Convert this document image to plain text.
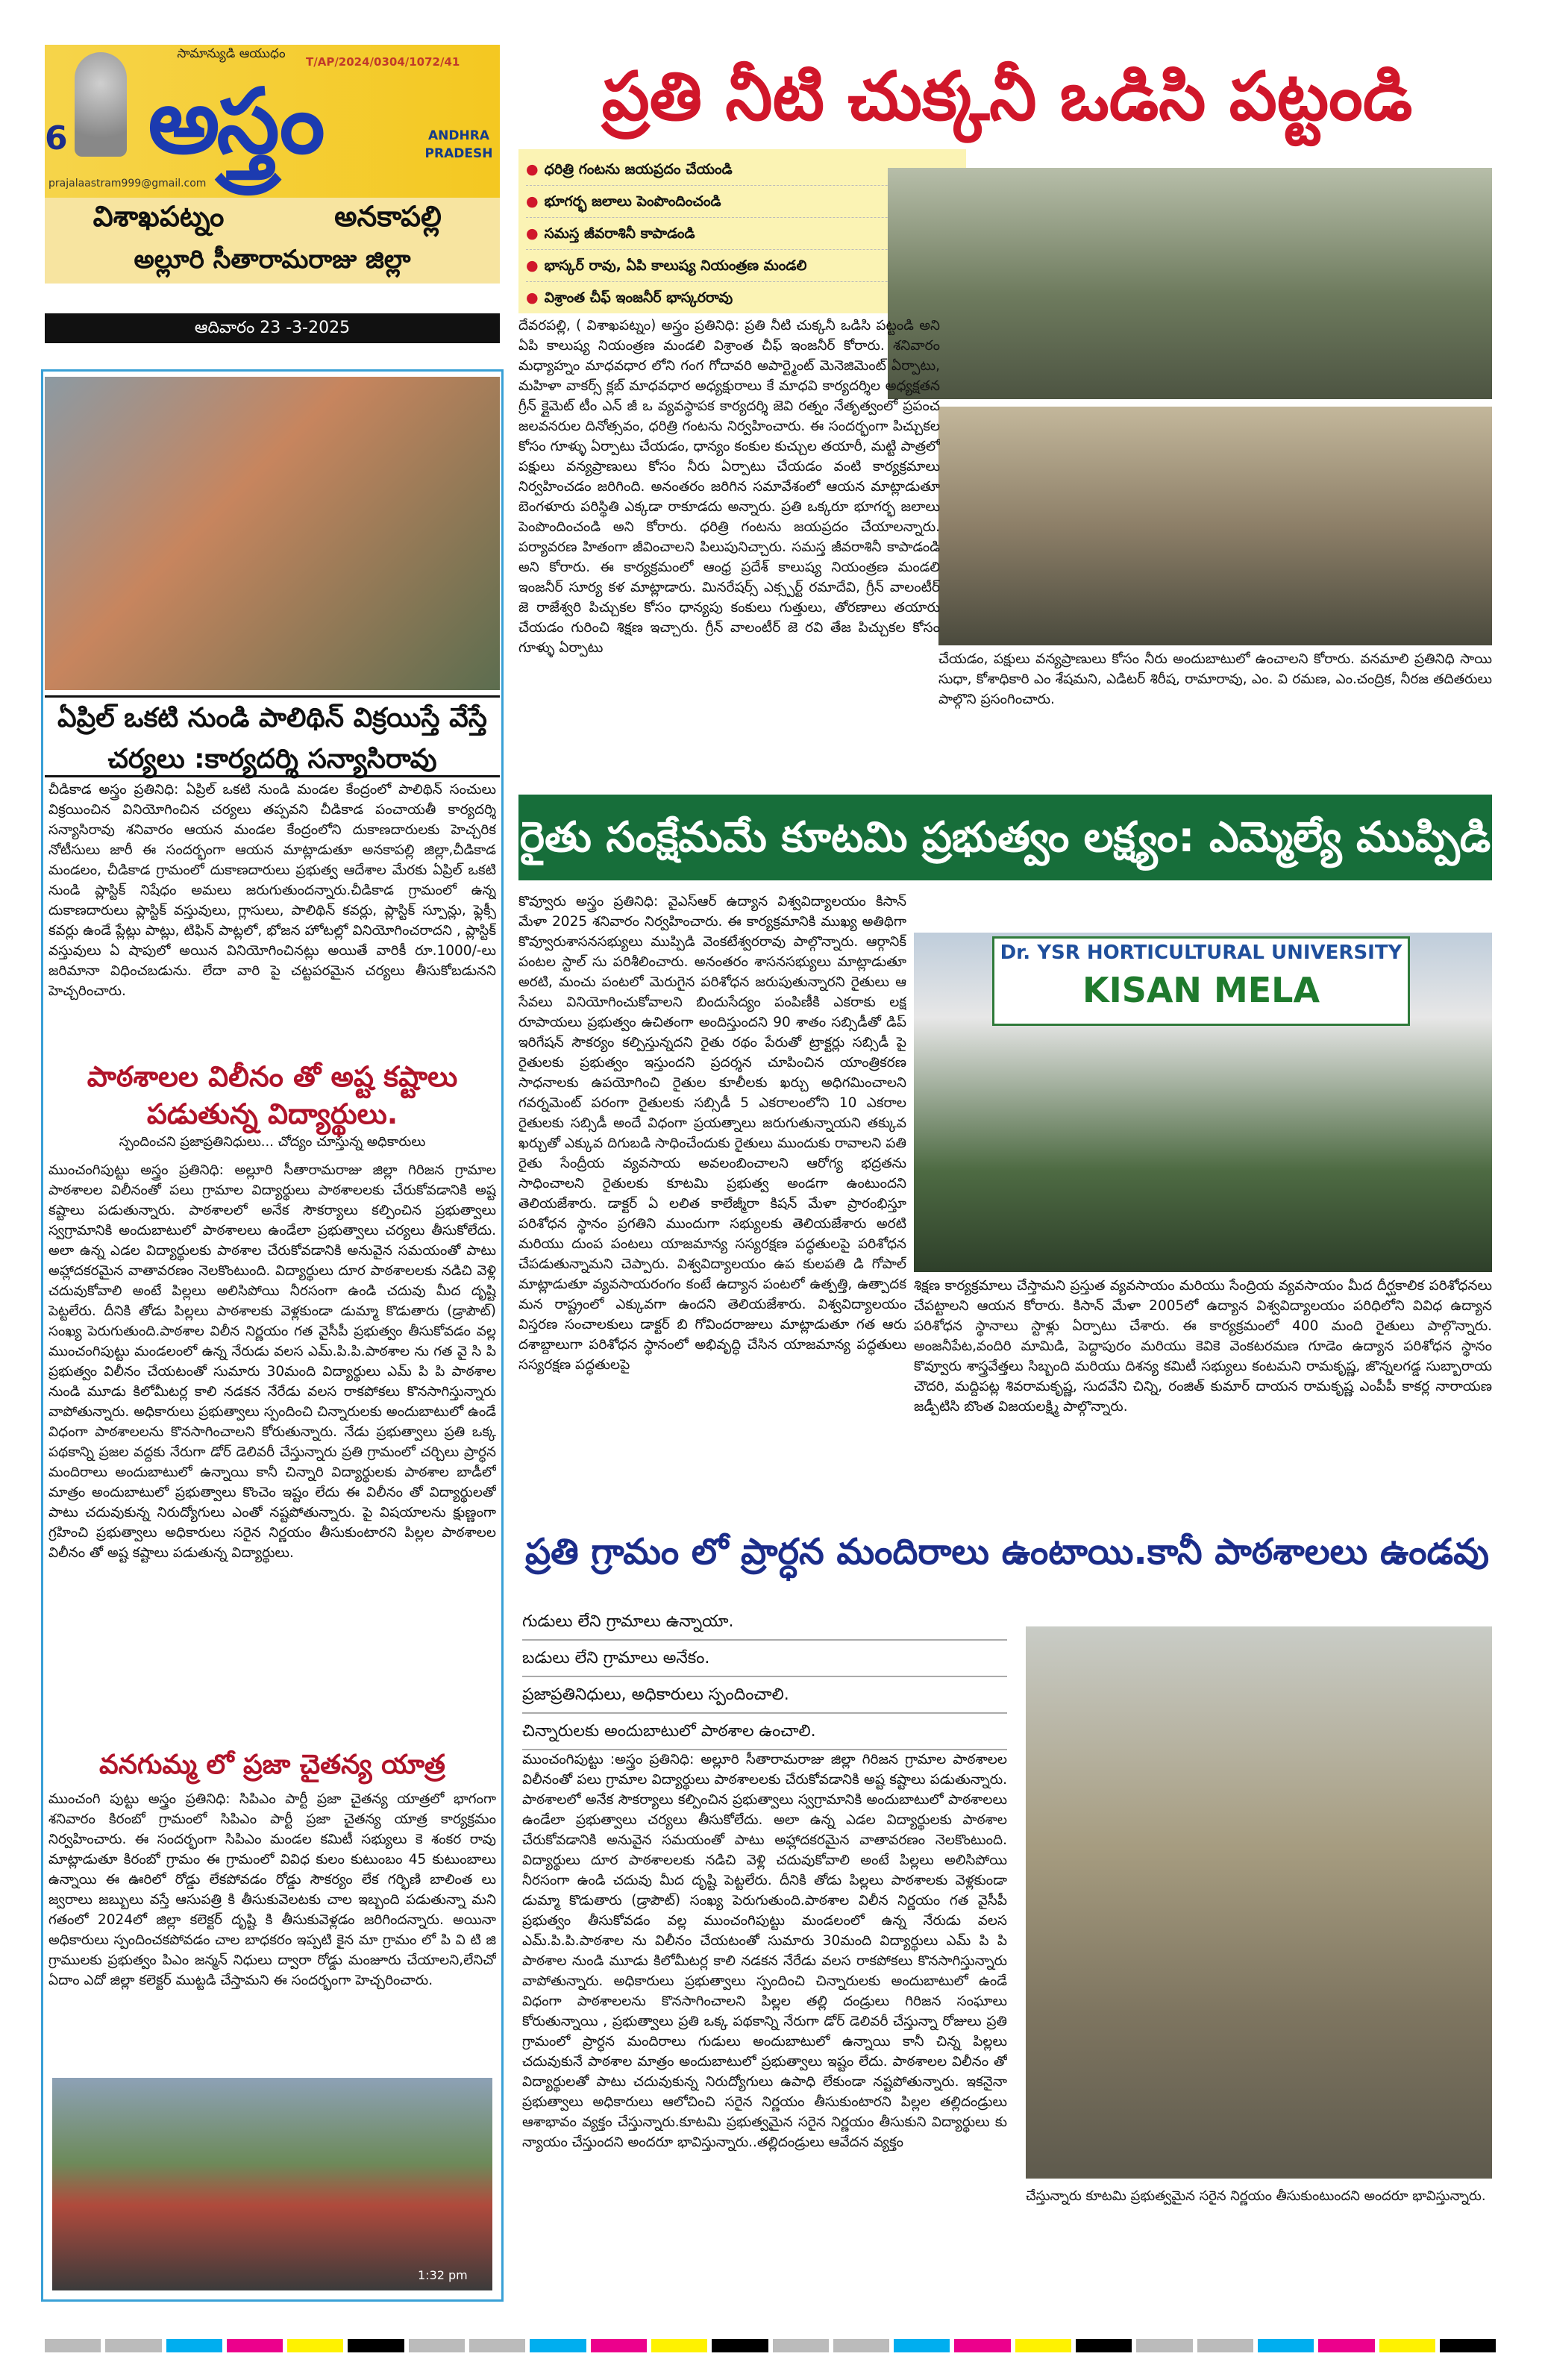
సామాన్యుడి ఆయుధం
T/AP/2024/0304/1072/41
అస్త్రం
6	ANDHRA PRADESH
prajalaastram999@gmail.com
విశాఖపట్నం	అనకాపల్లి
అల్లూరి సీతారామరాజు జిల్లా
ఆదివారం 23 -3-2025
ప్రతి నీటి చుక్కనీ ఒడిసి పట్టండి
● ధరిత్రి గంటను జయప్రదం చేయండి
● భూగర్భ జలాలు పెంపొందించండి
● సమస్త జీవరాశినీ కాపాడండి
● భాస్కర్ రావు, ఏపి కాలుష్య నియంత్రణ మండలి
● విశ్రాంత చీఫ్ ఇంజనీర్ భాస్కరరావు
దేవరపల్లి, ( విశాఖపట్నం) అస్త్రం ప్రతినిధి: ప్రతి నీటి చుక్కనీ ఒడిసి పట్టండి అని ఏపి కాలుష్య నియంత్రణ మండలి విశ్రాంత చీఫ్ ఇంజనీర్ కోరారు. శనివారం మధ్యాహ్నం మాధవధార లోని గంగ గోదావరి అపార్ట్మెంట్ మెనెజిమెంట్ ఏర్పాటు, మహిళా వాకర్స్ క్లబ్ మాధవధార అధ్యక్షురాలు కే మాధవి కార్యదర్శిల అధ్యక్షతన గ్రీన్ క్లైమెట్ టీం ఎన్ జీ ఒ వ్యవస్థాపక కార్యదర్శి జెవి రత్నం నేతృత్వంలో ప్రపంచ జలవనరుల దినోత్సవం, ధరిత్రి గంటను నిర్వహించారు. ఈ సందర్భంగా పిచ్చుకల కోసం గూళ్ళు ఏర్పాటు చేయడం, ధాన్యం కంకుల కుచ్చుల తయారీ, మట్టి పాత్రలో పక్షులు వన్యప్రాణులు కోసం నీరు ఏర్పాటు చేయడం వంటి కార్యక్రమాలు నిర్వహించడం జరిగింది. అనంతరం జరిగిన సమావేశంలో ఆయన మాట్లాడుతూ బెంగళూరు పరిస్థితి ఎక్కడా రాకూడదు అన్నారు. ప్రతి ఒక్కరూ భూగర్భ జలాలు పెంపొందించండి అని కోరారు. ధరిత్రి గంటను జయప్రదం చేయాలన్నారు. పర్యావరణ హితంగా జీవించాలని పిలుపునిచ్చారు. సమస్త జీవరాశినీ కాపాడండి అని కోరారు. ఈ కార్యక్రమంలో ఆంధ్ర ప్రదేశ్ కాలుష్య నియంత్రణ మండలి ఇంజనీర్ సూర్య కళ మాట్లాడారు. మినరేషర్స్ ఎక్స్పర్ట్ రమాదేవి, గ్రీన్ వాలంటీర్ జె రాజేశ్వరి పిచ్చుకల కోసం ధాన్యపు కంకులు గుత్తులు, తోరణాలు తయారు చేయడం గురించి శిక్షణ ఇచ్చారు. గ్రీన్ వాలంటీర్ జె రవి తేజ పిచ్చుకల కోసం గూళ్ళు ఏర్పాటు
చేయడం, పక్షులు వన్యప్రాణులు కోసం నీరు అందుబాటులో ఉంచాలని కోరారు. వనమాలి ప్రతినిధి సాయి సుధా, కోశాధికారి ఎం శేషమని, ఎడిటర్ శిరీష, రామారావు, ఎం. వి రమణ, ఎం.చంద్రిక, నీరజ తదితరులు పాల్గొని ప్రసంగించారు.
ఏప్రిల్ ఒకటి నుండి పాలిథిన్ విక్రయిస్తే వేస్తే చర్యలు :కార్యదర్శి సన్యాసిరావు
చీడికాడ అస్త్రం ప్రతినిధి: ఏప్రిల్ ఒకటి నుండి మండల కేంద్రంలో పాలిథిన్ సంచులు విక్రయించిన వినియోగించిన చర్యలు తప్పవని చీడికాడ పంచాయతీ కార్యదర్శి సన్యాసిరావు శనివారం ఆయన మండల కేంద్రంలోని దుకాణదారులకు హెచ్చరిక నోటీసులు జారీ ఈ సందర్భంగా ఆయన మాట్లాడుతూ అనకాపల్లి జిల్లా,చీడికాడ మండలం, చీడికాడ గ్రామంలో దుకాణదారులు ప్రభుత్వ ఆదేశాల మేరకు ఏప్రిల్ ఒకటి నుండి ప్లాస్టిక్ నిషేధం అమలు జరుగుతుందన్నారు.చీడికాడ గ్రామంలో ఉన్న దుకాణదారులు ప్లాస్టిక్ వస్తువులు, గ్లాసులు, పాలిథిన్ కవర్లు, ప్లాస్టిక్ స్పూన్లు, ఫ్లెక్సీ కవర్లు ఉండే ప్లేట్లు పాట్లు, టిఫిన్ పాట్లలో, భోజన హోటల్లో వినియోగించరాదని , ప్లాస్టిక్ వస్తువులు ఏ షాపులో అయిన వినియోగించినట్లు అయితే వారికీ రూ.1000/-లు జరిమానా విధించబడును. లేదా వారి పై చట్టపరమైన చర్యలు తీసుకోబడునని హెచ్చరించారు.
పాఠశాలల విలీనం తో అష్ట కష్టాలు పడుతున్న విద్యార్థులు.
స్పందించని ప్రజాప్రతినిధులు... చోద్యం చూస్తున్న అధికారులు
ముంచంగిపుట్టు అస్త్రం ప్రతినిధి: అల్లూరి సీతారామరాజు జిల్లా గిరిజన గ్రామాల పాఠశాలల విలీనంతో పలు గ్రామాల విద్యార్థులు పాఠశాలలకు చేరుకోవడానికి అష్ట కష్టాలు పడుతున్నారు. పాఠశాలలో అనేక సౌకర్యాలు కల్పించిన ప్రభుత్వాలు స్వగ్రామానికి అందుబాటులో పాఠశాలలు ఉండేలా ప్రభుత్వాలు చర్యలు తీసుకోలేదు. అలా ఉన్న ఎడల విద్యార్థులకు పాఠశాల చేరుకోవడానికి అనువైన సమయంతో పాటు అహ్లాదకరమైన వాతావరణం నెలకొంటుంది. విద్యార్థులు దూర పాఠశాలలకు నడిచి వెళ్లి చదువుకోవాలి అంటే పిల్లలు అలిసిపోయి నీరసంగా ఉండి చదువు మీద దృష్టి పెట్టలేరు. దీనికి తోడు పిల్లలు పాఠశాలకు వెళ్లకుండా డుమ్మా కొడుతారు (డ్రాపౌట్) సంఖ్య పెరుగుతుంది.పాఠశాల విలీన నిర్ణయం గత వైసీపీ ప్రభుత్వం తీసుకోవడం వల్ల ముంచంగిపుట్టు మండలంలో ఉన్న నేరుడు వలస ఎమ్.పి.పి.పాఠశాల ను గత వై సి పి ప్రభుత్వం విలీనం చేయటంతో సుమారు 30మంది విద్యార్థులు ఎమ్ పి పి పాఠశాల నుండి మూడు కిలోమీటర్ల కాలి నడకన నేరేడు వలస రాకపోకలు కొనసాగిస్తున్నారు వాపోతున్నారు. అధికారులు ప్రభుత్వాలు స్పందించి చిన్నారులకు అందుబాటులో ఉండే విధంగా పాఠశాలలను కొనసాగించాలని కోరుతున్నారు. నేడు ప్రభుత్వాలు ప్రతి ఒక్క పథకాన్ని ప్రజల వద్దకు నేరుగా డోర్ డెలివరీ చేస్తున్నారు ప్రతి గ్రామంలో చర్చిలు ప్రార్ధన మందిరాలు అందుబాటులో ఉన్నాయి కానీ చిన్నారి విద్యార్థులకు పాఠశాల బాడీలో మాత్రం అందుబాటులో ప్రభుత్వాలు కొంచెం ఇష్టం లేదు ఈ విలీనం తో విద్యార్థులతో పాటు చదువుకున్న నిరుద్యోగులు ఎంతో నష్టపోతున్నారు. పై విషయాలను క్షుణ్ణంగా గ్రహించి ప్రభుత్వాలు అధికారులు సరైన నిర్ణయం తీసుకుంటారని పిల్లల పాఠశాలల విలీనం తో అష్ట కష్టాలు పడుతున్న విద్యార్థులు.
వనగుమ్మ లో ప్రజా చైతన్య యాత్ర
ముంచంగి పుట్టు అస్త్రం ప్రతినిధి: సిపిఎం పార్టీ ప్రజా చైతన్య యాత్రలో భాగంగా శనివారం కిరంబో గ్రామంలో సిపిఎం పార్టీ ప్రజా చైతన్య యాత్ర కార్యక్రమం నిర్వహించారు. ఈ సందర్భంగా సిపిఎం మండల కమిటీ సభ్యులు కె శంకర రావు మాట్లాడుతూ కిరంబో గ్రామం ఈ గ్రామంలో వివిధ కులం కుటుంబం 45 కుటుంబాలు ఉన్నాయి ఈ ఊరిలో రోడ్డు లేకపోవడం రోడ్డు సౌకర్యం లేక గర్భిణి బాలింత లు జ్వరాలు జబ్బులు వస్తే ఆసుపత్రి కి తీసుకువెలటకు చాల ఇబ్బంది పడుతున్నా మని గతంలో 2024లో జిల్లా కలెక్టర్ దృష్టి కి తీసుకువెళ్లడం జరిగిందన్నారు. అయినా అధికారులు స్పందించకపోవడం చాల బాధకరం ఇప్పటి కైన మా గ్రామం లో పి వి టి జి గ్రాములకు ప్రభుత్వం పిఎం జన్మన్ నిధులు ద్వారా రోడ్డు మంజూరు చేయాలని,లేనిచో ఏదాం ఎదో జిల్లా కలెక్టర్ ముట్టడి చేస్తామని ఈ సందర్భంగా హెచ్చరించారు.
1:32 pm
రైతు సంక్షేమమే కూటమి ప్రభుత్వం లక్ష్యం: ఎమ్మెల్యే ముప్పిడి
కొవ్వూరు అస్త్రం ప్రతినిధి: వైఎస్ఆర్ ఉద్యాన విశ్వవిద్యాలయం కిసాన్ మేళా 2025 శనివారం నిర్వహించారు. ఈ కార్యక్రమానికి ముఖ్య అతిథిగా కొవ్వూరుశాసనసభ్యులు ముప్పిడి వెంకటేశ్వరరావు పాల్గొన్నారు. ఆర్గానిక్ పంటల స్టాల్ సు పరిశీలించారు. అనంతరం శాసనసభ్యులు మాట్లాడుతూ అరటి, మంచు పంటలో మెరుగైన పరిశోధన జరుపుతున్నారని రైతులు ఆ సేవలు వినియోగించుకోవాలని బిందుసేద్యం పంపిణీకి ఎకరాకు లక్ష రూపాయలు ప్రభుత్వం ఉచితంగా అందిస్తుందని 90 శాతం సబ్సిడీతో డిప్ ఇరిగేషన్ సౌకర్యం కల్పిస్తున్నదని రైతు రథం పేరుతో ట్రాక్టర్లు సబ్సిడీ పై రైతులకు ప్రభుత్వం ఇస్తుందని ప్రదర్శన చూపించిన యాంత్రికరణ సాధనాలకు ఉపయోగించి రైతుల కూలీలకు ఖర్చు అధిగమించాలని గవర్నమెంట్ పరంగా రైతులకు సబ్సిడీ 5 ఎకరాలంలోని 10 ఎకరాల రైతులకు సబ్సిడీ అందే విధంగా ప్రయత్నాలు జరుగుతున్నాయని తక్కువ ఖర్చుతో ఎక్కువ దిగుబడి సాధించేందుకు రైతులు ముందుకు రావాలని పతి రైతు సేంద్రీయ వ్యవసాయ అవలంబించాలని ఆరోగ్య భద్రతను సాధించాలని రైతులకు కూటమి ప్రభుత్వ అండగా ఉంటుందని తెలియజేశారు. డాక్టర్ ఏ లలిత కాలేజ్మీరా కిషన్ మేళా ప్రారంభిస్తూ పరిశోధన స్థానం ప్రగతిని ముందుగా సభ్యులకు తెలియజేశారు అరటి మరియు దుంప పంటలు యాజమాన్య సస్యరక్షణ పద్ధతులపై పరిశోధన చేపడుతున్నామని చెప్పారు. విశ్వవిద్యాలయం ఉప కులపతి డి గోపాల్ మాట్లాడుతూ వ్యవసాయరంగం కంటే ఉద్యాన పంటలో ఉత్పత్తి, ఉత్పాదక మన రాష్ట్రంలో ఎక్కువగా ఉందని తెలియజేశారు. విశ్వవిద్యాలయం విస్తరణ సంచాలకులు డాక్టర్ బి గోవిందరాజులు మాట్లాడుతూ గత ఆరు దశాబ్దాలుగా పరిశోధన స్థానంలో అభివృద్ధి చేసిన యాజమాన్య పద్ధతులు సస్యరక్షణ పద్ధతులపై
Dr. YSR HORTICULTURAL UNIVERSITY
KISAN MELA
శిక్షణ కార్యక్రమాలు చేస్తామని ప్రస్తుత వ్యవసాయం మరియు సేంద్రియ వ్యవసాయం మీద దీర్ఘకాలిక పరిశోధనలు చేపట్టాలని ఆయన కోరారు. కిసాన్ మేళా 2005లో ఉద్యాన విశ్వవిద్యాలయం పరిధిలోని వివిధ ఉద్యాన పరిశోధన స్థానాలు స్టాళ్లు ఏర్పాటు చేశారు. ఈ కార్యక్రమంలో 400 మంది రైతులు పాల్గొన్నారు. అంజనీపేట,వందిరి మామిడి, పెద్దాపురం మరియు కెవికె వెంకటరమణ గూడెం ఉద్యాన పరిశోధన స్థానం కొవ్వూరు శాస్త్రవేత్తలు సిబ్బంది మరియు దిశన్య కమిటీ సభ్యులు కంటమని రామకృష్ణ, జొన్నలగడ్డ సుబ్బారాయ చౌదరి, మద్దిపట్ల శివరామకృష్ణ, సుదవేని చిన్ని, రంజిత్ కుమార్ దాయన రామకృష్ణ ఎంపీపీ కాకర్ల నారాయణ జడ్పీటిసి బొంత విజయలక్ష్మి పాల్గొన్నారు.
ప్రతి గ్రామం లో ప్రార్ధన మందిరాలు ఉంటాయి.కానీ పాఠశాలలు ఉండవు
గుడులు లేని గ్రామాలు ఉన్నాయా.
బడులు లేని గ్రామాలు అనేకం.
ప్రజాప్రతినిధులు, అధికారులు స్పందించాలి.
చిన్నారులకు అందుబాటులో పాఠశాల ఉంచాలి.
ముంచంగిపుట్టు :అస్త్రం ప్రతినిధి: అల్లూరి సీతారామరాజు జిల్లా గిరిజన గ్రామాల పాఠశాలల విలీనంతో పలు గ్రామాల విద్యార్థులు పాఠశాలలకు చేరుకోవడానికి అష్ట కష్టాలు పడుతున్నారు. పాఠశాలలో అనేక సౌకర్యాలు కల్పించిన ప్రభుత్వాలు స్వగ్రామానికి అందుబాటులో పాఠశాలలు ఉండేలా ప్రభుత్వాలు చర్యలు తీసుకోలేదు. అలా ఉన్న ఎడల విద్యార్థులకు పాఠశాల చేరుకోవడానికి అనువైన సమయంతో పాటు అహ్లాదకరమైన వాతావరణం నెలకొంటుంది. విద్యార్థులు దూర పాఠశాలలకు నడిచి వెళ్లి చదువుకోవాలి అంటే పిల్లలు అలిసిపోయి నీరసంగా ఉండి చదువు మీద దృష్టి పెట్టలేరు. దీనికి తోడు పిల్లలు పాఠశాలకు వెళ్లకుండా డుమ్మా కొడుతారు (డ్రాపౌట్) సంఖ్య పెరుగుతుంది.పాఠశాల విలీన నిర్ణయం గత వైసీపీ ప్రభుత్వం తీసుకోవడం వల్ల ముంచంగిపుట్టు మండలంలో ఉన్న నేరుడు వలస ఎమ్.పి.పి.పాఠశాల ను విలీనం చేయటంతో సుమారు 30మంది విద్యార్థులు ఎమ్ పి పి పాఠశాల నుండి మూడు కిలోమీటర్ల కాలి నడకన నేరేడు వలస రాకపోకలు కొనసాగిస్తున్నారు వాపోతున్నారు. అధికారులు ప్రభుత్వాలు స్పందించి చిన్నారులకు అందుబాటులో ఉండే విధంగా పాఠశాలలను కొనసాగించాలని పిల్లల తల్లి దండ్రులు గిరిజన సంఘాలు కోరుతున్నాయి , ప్రభుత్వాలు ప్రతి ఒక్క పథకాన్ని నేరుగా డోర్ డెలివరీ చేస్తున్నా రోజులు ప్రతి గ్రామంలో ప్రార్ధన మందిరాలు గుడులు అందుబాటులో ఉన్నాయి కానీ చిన్న పిల్లలు చదువుకునే పాఠశాల మాత్రం అందుబాటులో ప్రభుత్వాలు ఇష్టం లేదు. పాఠశాలల విలీనం తో విద్యార్థులతో పాటు చదువుకున్న నిరుద్యోగులు ఉపాధి లేకుండా నష్టపోతున్నారు. ఇకనైనా ప్రభుత్వాలు అధికారులు ఆలోచించి సరైన నిర్ణయం తీసుకుంటారని పిల్లల తల్లిదండ్రులు ఆశాభావం వ్యక్తం చేస్తున్నారు.కూటమి ప్రభుత్వమైన సరైన నిర్ణయం తీసుకుని విద్యార్థులు కు న్యాయం చేస్తుందని అందరూ భావిస్తున్నారు..తల్లిదండ్రులు ఆవేదన వ్యక్తం
చేస్తున్నారు కూటమి ప్రభుత్వమైన సరైన నిర్ణయం తీసుకుంటుందని అందరూ భావిస్తున్నారు.
